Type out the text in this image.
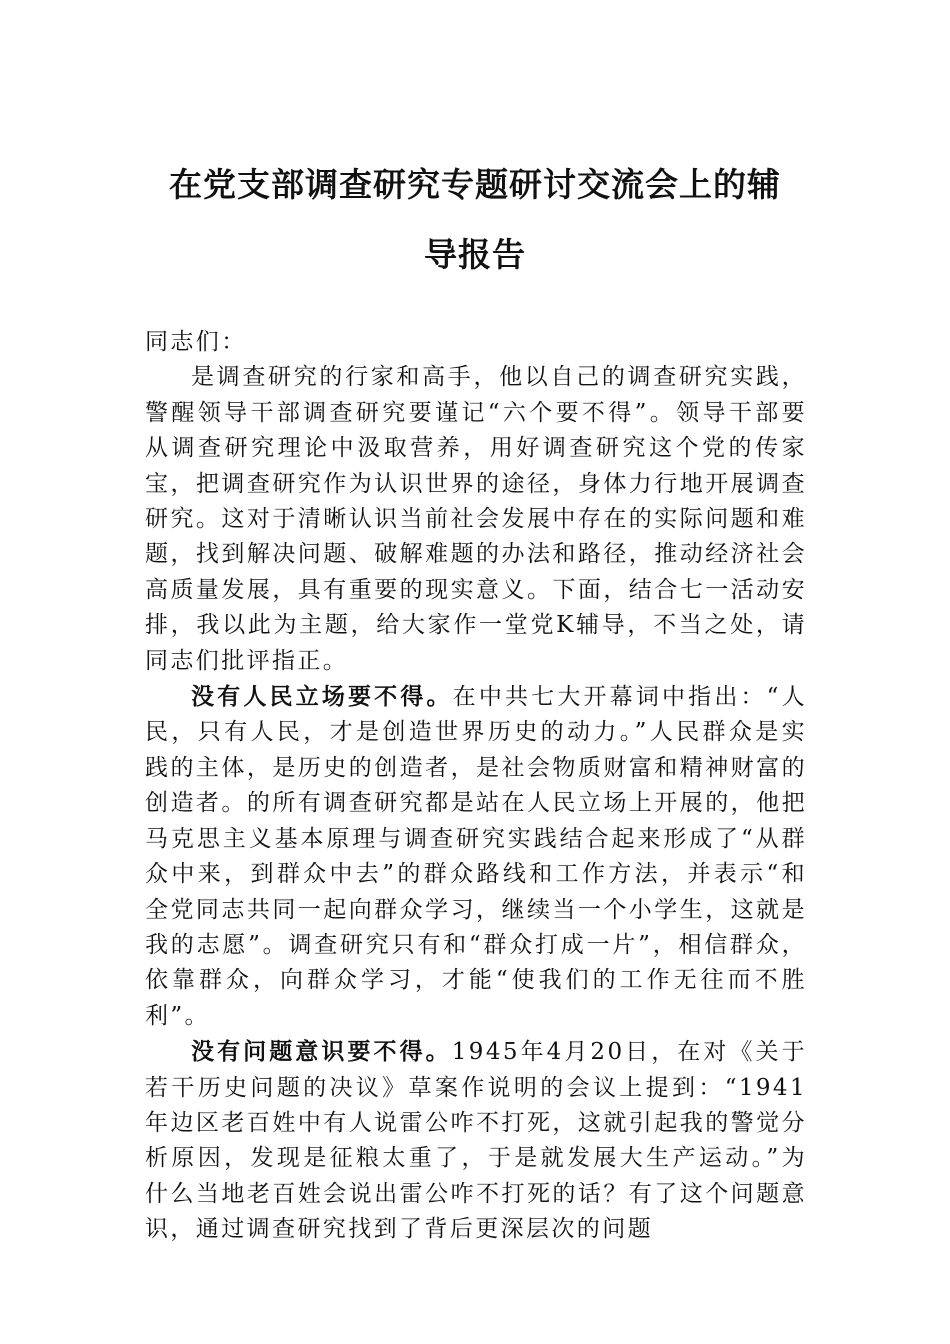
在党支部调查研究专题研讨交流会上的辅
导报告

同志们：

是调查研究的行家和高手，他以自己的调查研究实践，警醒领导干部调查研究要谨记“六个要不得”。领导干部要从调查研究理论中汲取营养，用好调查研究这个党的传家宝，把调查研究作为认识世界的途径，身体力行地开展调查研究。这对于清晰认识当前社会发展中存在的实际问题和难题，找到解决问题、破解难题的办法和路径，推动经济社会高质量发展，具有重要的现实意义。下面，结合七一活动安排，我以此为主题，给大家作一堂党K辅导，不当之处，请同志们批评指正。

没有人民立场要不得。在中共七大开幕词中指出：“人民，只有人民，才是创造世界历史的动力。”人民群众是实践的主体，是历史的创造者，是社会物质财富和精神财富的创造者。的所有调查研究都是站在人民立场上开展的，他把马克思主义基本原理与调查研究实践结合起来形成了“从群众中来，到群众中去”的群众路线和工作方法，并表示“和全党同志共同一起向群众学习，继续当一个小学生，这就是我的志愿”。调查研究只有和“群众打成一片”，相信群众，依靠群众，向群众学习，才能“使我们的工作无往而不胜利”。

没有问题意识要不得。1945年4月20日，在对《关于若干历史问题的决议》草案作说明的会议上提到：“1941年边区老百姓中有人说雷公咋不打死，这就引起我的警觉分析原因，发现是征粮太重了，于是就发展大生产运动。”为什么当地老百姓会说出雷公咋不打死的话？有了这个问题意识，通过调查研究找到了背后更深层次的问题
